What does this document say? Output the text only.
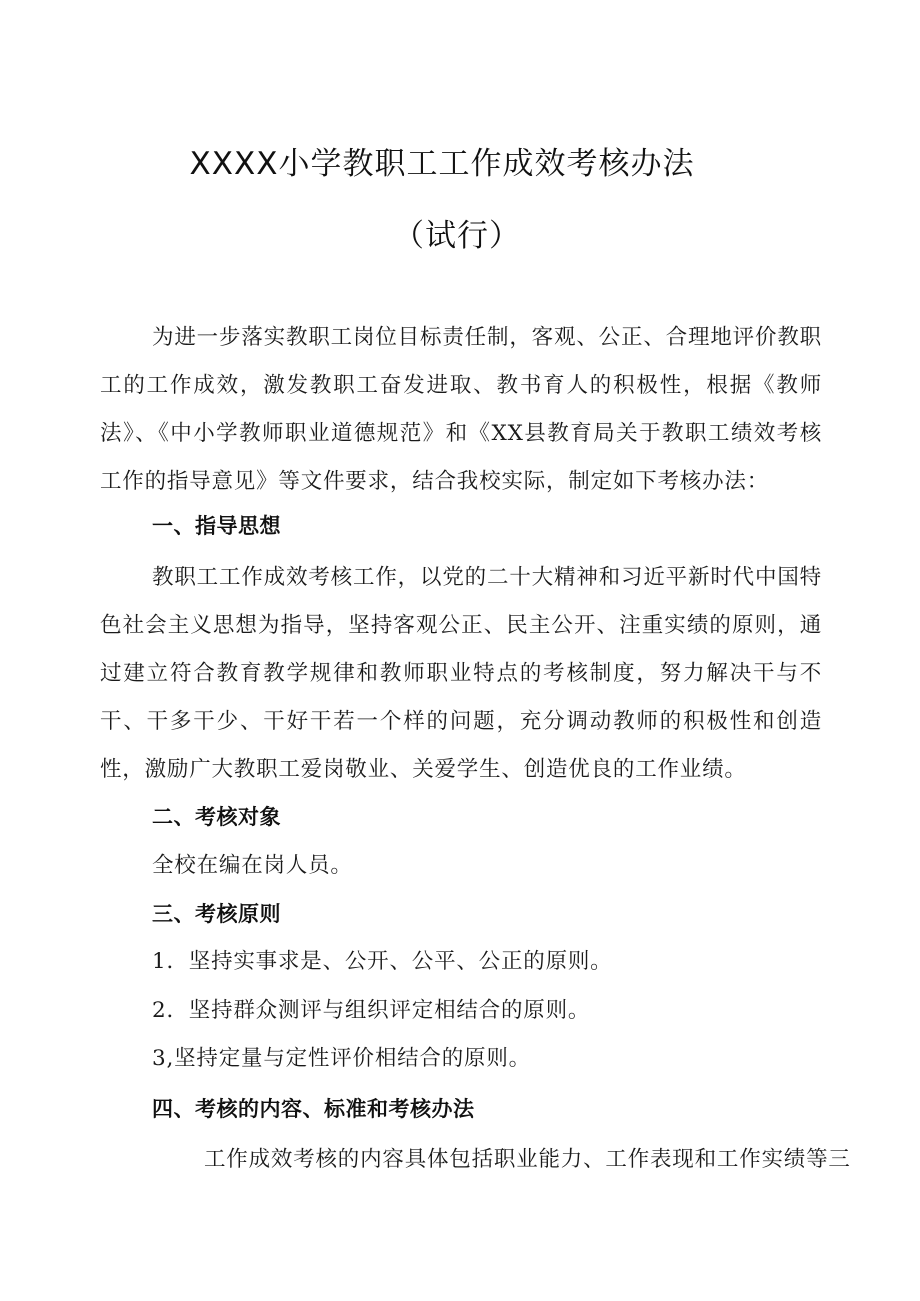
XXXX小学教职工工作成效考核办法
（试行）
为进一步落实教职工岗位目标责任制，客观、公正、合理地评价教职工的工作成效，激发教职工奋发进取、教书育人的积极性，根据《教师法》、《中小学教师职业道德规范》和《XX县教育局关于教职工绩效考核工作的指导意见》等文件要求，结合我校实际，制定如下考核办法：
一、指导思想
教职工工作成效考核工作，以党的二十大精神和习近平新时代中国特色社会主义思想为指导，坚持客观公正、民主公开、注重实绩的原则，通过建立符合教育教学规律和教师职业特点的考核制度，努力解决干与不干、干多干少、干好干若一个样的问题，充分调动教师的积极性和创造性，激励广大教职工爱岗敬业、关爱学生、创造优良的工作业绩。
二、考核对象
全校在编在岗人员。
三、考核原则
1．坚持实事求是、公开、公平、公正的原则。
2．坚持群众测评与组织评定相结合的原则。
3,坚持定量与定性评价相结合的原则。
四、考核的内容、标准和考核办法
工作成效考核的内容具体包括职业能力、工作表现和工作实绩等三
